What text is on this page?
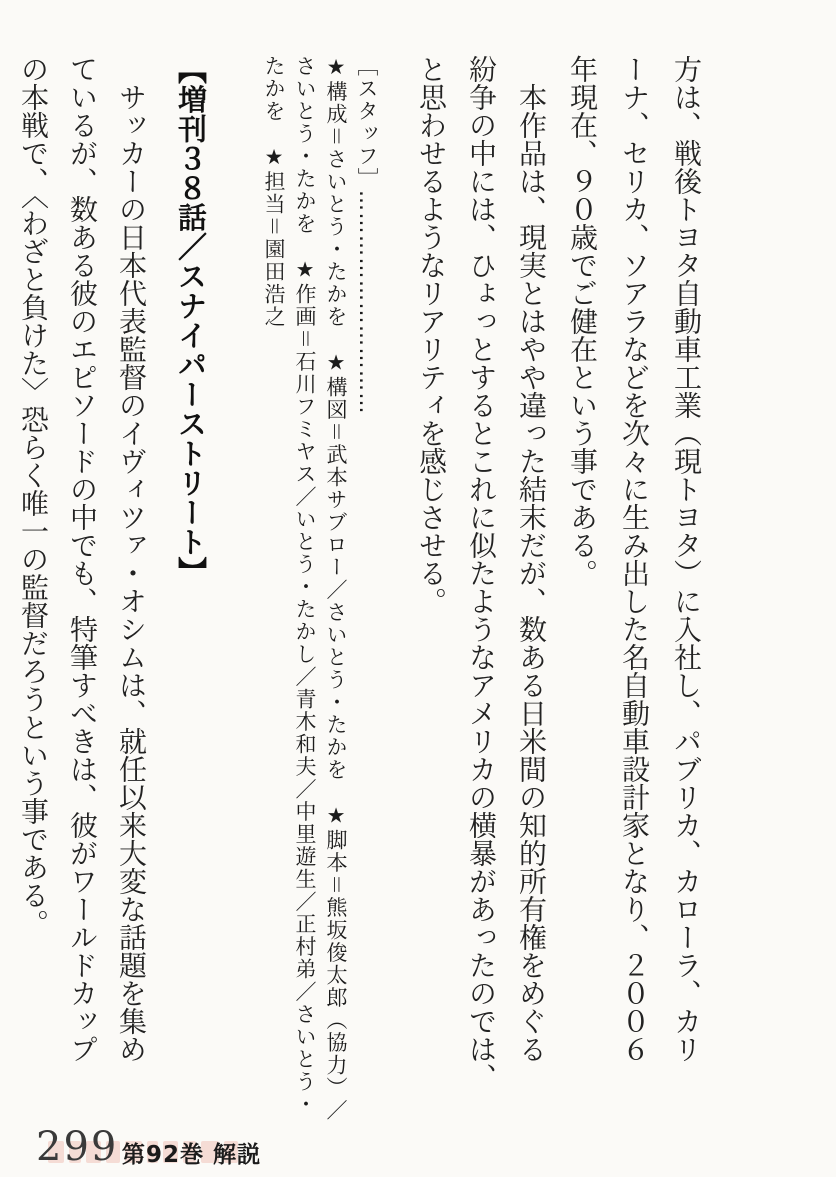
方は、戦後トヨタ自動車工業（現トヨタ）に入社し、パブリカ、カローラ、カリ
ーナ、セリカ、ソアラなどを次々に生み出した名自動車設計家となり、２００６
年現在、９０歳でご健在という事である。
本作品は、現実とはやや違った結末だが、数ある日米間の知的所有権をめぐる
紛争の中には、ひょっとするとこれに似たようなアメリカの横暴があったのでは、
と思わせるようなリアリティを感じさせる。
［スタッフ］…………………………
★構成＝さいとう・たかを　★構図＝武本サブロー／さいとう・たかを　★脚本＝熊坂俊太郎（協力）／
さいとう・たかを　★作画＝石川フミヤス／いとう・たかし／青木和夫／中里遊生／正村弟／さいとう・
たかを　★担当＝園田浩之
【増刊３８話／スナイパーストリート】
サッカーの日本代表監督のイヴィツァ・オシムは、就任以来大変な話題を集め
ているが、数ある彼のエピソードの中でも、特筆すべきは、彼がワールドカップ
の本戦で、〈わざと負けた〉恐らく唯一の監督だろうという事である。
299 第92巻 解説
